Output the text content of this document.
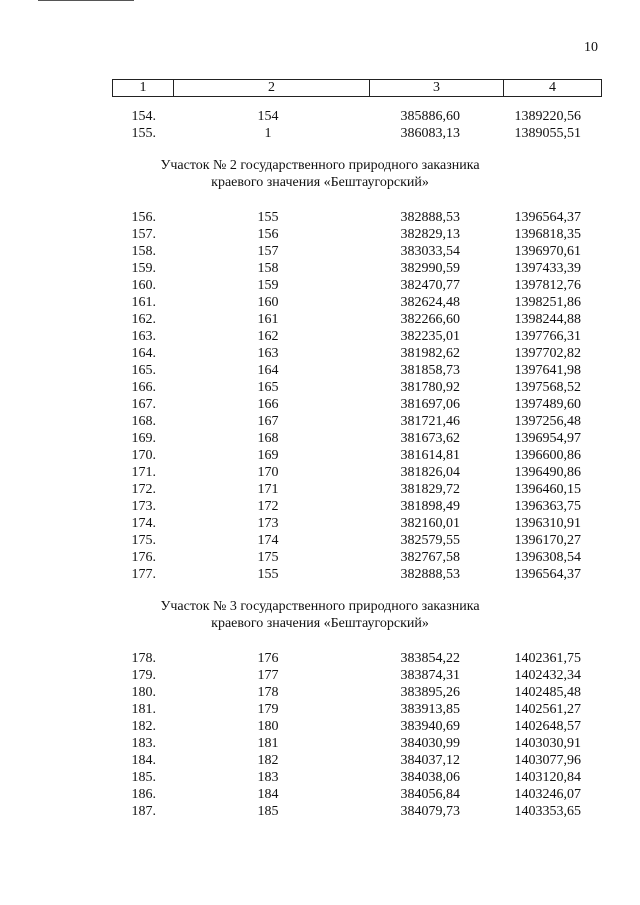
10
1	2	3	4
154.	154	385886,60	1389220,56
155.	1	386083,13	1389055,51
Участок № 2 государственного природного заказника
краевого значения «Бештаугорский»
156.	155	382888,53	1396564,37
157.	156	382829,13	1396818,35
158.	157	383033,54	1396970,61
159.	158	382990,59	1397433,39
160.	159	382470,77	1397812,76
161.	160	382624,48	1398251,86
162.	161	382266,60	1398244,88
163.	162	382235,01	1397766,31
164.	163	381982,62	1397702,82
165.	164	381858,73	1397641,98
166.	165	381780,92	1397568,52
167.	166	381697,06	1397489,60
168.	167	381721,46	1397256,48
169.	168	381673,62	1396954,97
170.	169	381614,81	1396600,86
171.	170	381826,04	1396490,86
172.	171	381829,72	1396460,15
173.	172	381898,49	1396363,75
174.	173	382160,01	1396310,91
175.	174	382579,55	1396170,27
176.	175	382767,58	1396308,54
177.	155	382888,53	1396564,37
Участок № 3 государственного природного заказника
краевого значения «Бештаугорский»
178.	176	383854,22	1402361,75
179.	177	383874,31	1402432,34
180.	178	383895,26	1402485,48
181.	179	383913,85	1402561,27
182.	180	383940,69	1402648,57
183.	181	384030,99	1403030,91
184.	182	384037,12	1403077,96
185.	183	384038,06	1403120,84
186.	184	384056,84	1403246,07
187.	185	384079,73	1403353,65
